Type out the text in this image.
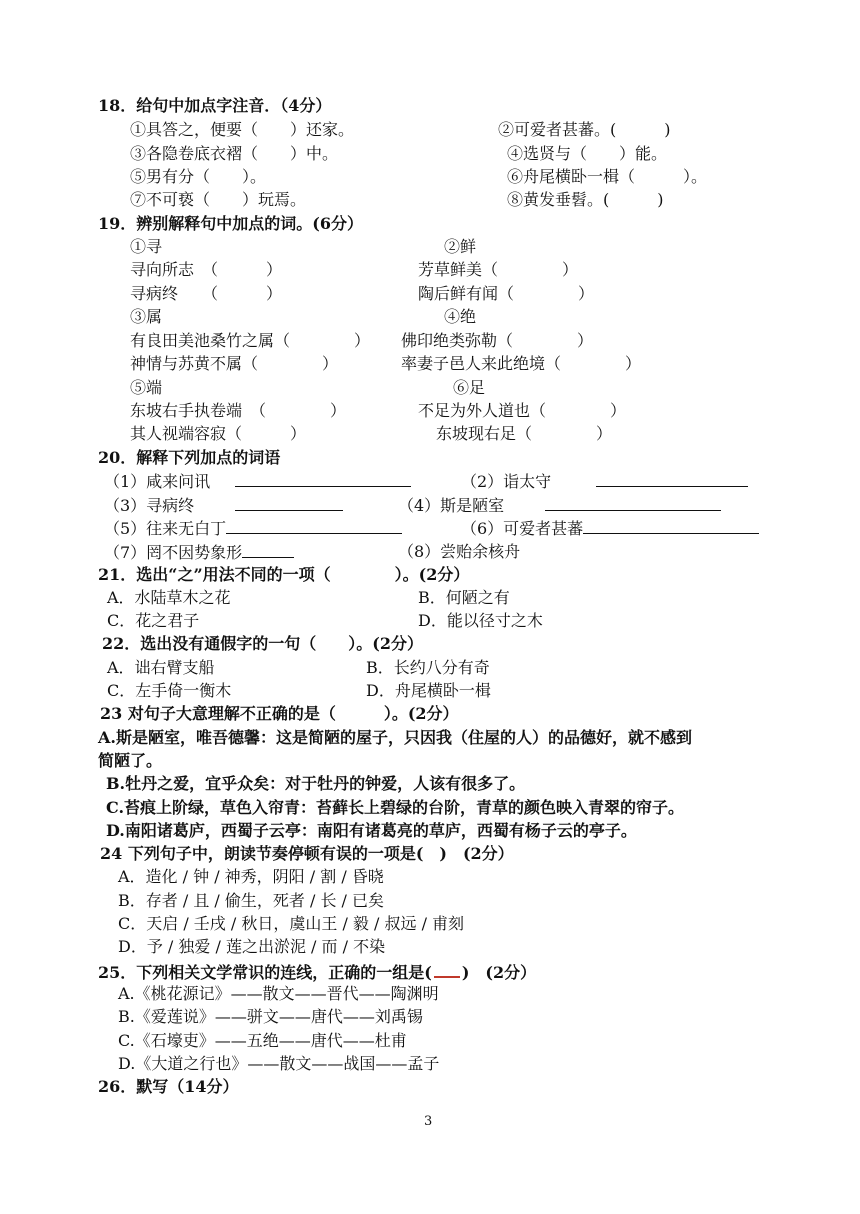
18．给句中加点字注音．（4分）
①具答之，便要（　　）还家。	②可爱者甚蕃。(　　　)
③各隐卷底衣褶（　　）中。	④选贤与（　　）能。
⑤男有分（　　）。	⑥舟尾横卧一楫（　　　）。
⑦不可亵（　　）玩焉。	⑧黄发垂髫。(　　　)
19．辨别解释句中加点的词。(6分）
①寻	②鲜
寻向所志　（　　　）	芳草鲜美（　　　　）
寻病终　　（　　　）	陶后鲜有闻（　　　　）
③属	④绝
有良田美池桑竹之属（　　　　） 佛印绝类弥勒（　　　　）
神情与苏黄不属（　　　　）	率妻子邑人来此绝境（　　　　）
⑤端	⑥足
东坡右手执卷端　（　　　　）	不足为外人道也（　　　　）
其人视端容寂（　　　）	东坡现右足（　　　　）
20．解释下列加点的词语
（1）咸来问讯	（2）诣太守
（3）寻病终	（4）斯是陋室
（5）往来无白丁	（6）可爱者甚蕃
（7）罔不因势象形	（8）尝贻余核舟
21．选出“之”用法不同的一项（　　　　）。(2分）
A．水陆草木之花	B．何陋之有
C．花之君子	D．能以径寸之木
22．选出没有通假字的一句（　　）。(2分）
A．诎右臂支船	B．长约八分有奇
C．左手倚一衡木	D．舟尾横卧一楫
23 对句子大意理解不正确的是（　　　）。(2分）
A.斯是陋室，唯吾德馨：这是简陋的屋子，只因我（住屋的人）的品德好，就不感到
简陋了。
B.牡丹之爱，宜乎众矣：对于牡丹的钟爱，人该有很多了。
C.苔痕上阶绿，草色入帘青：苔藓长上碧绿的台阶，青草的颜色映入青翠的帘子。
D.南阳诸葛庐，西蜀子云亭：南阳有诸葛亮的草庐，西蜀有杨子云的亭子。
24 下列句子中，朗读节奏停顿有误的一项是(　)　(2分）
A．造化 / 钟 / 神秀，阴阳 / 割 / 昏晓
B．存者 / 且 / 偷生，死者 / 长 / 已矣
C．天启 / 壬戌 / 秋日，虞山王 / 毅 / 叔远 / 甫刻
D．予 / 独爱 / 莲之出淤泥 / 而 / 不染
25．下列相关文学常识的连线，正确的一组是( )　(2分）
A.《桃花源记》——散文——晋代——陶渊明
B.《爱莲说》——骈文——唐代——刘禹锡
C.《石壕吏》——五绝——唐代——杜甫
D.《大道之行也》——散文——战国——孟子
26．默写（14分）
3
